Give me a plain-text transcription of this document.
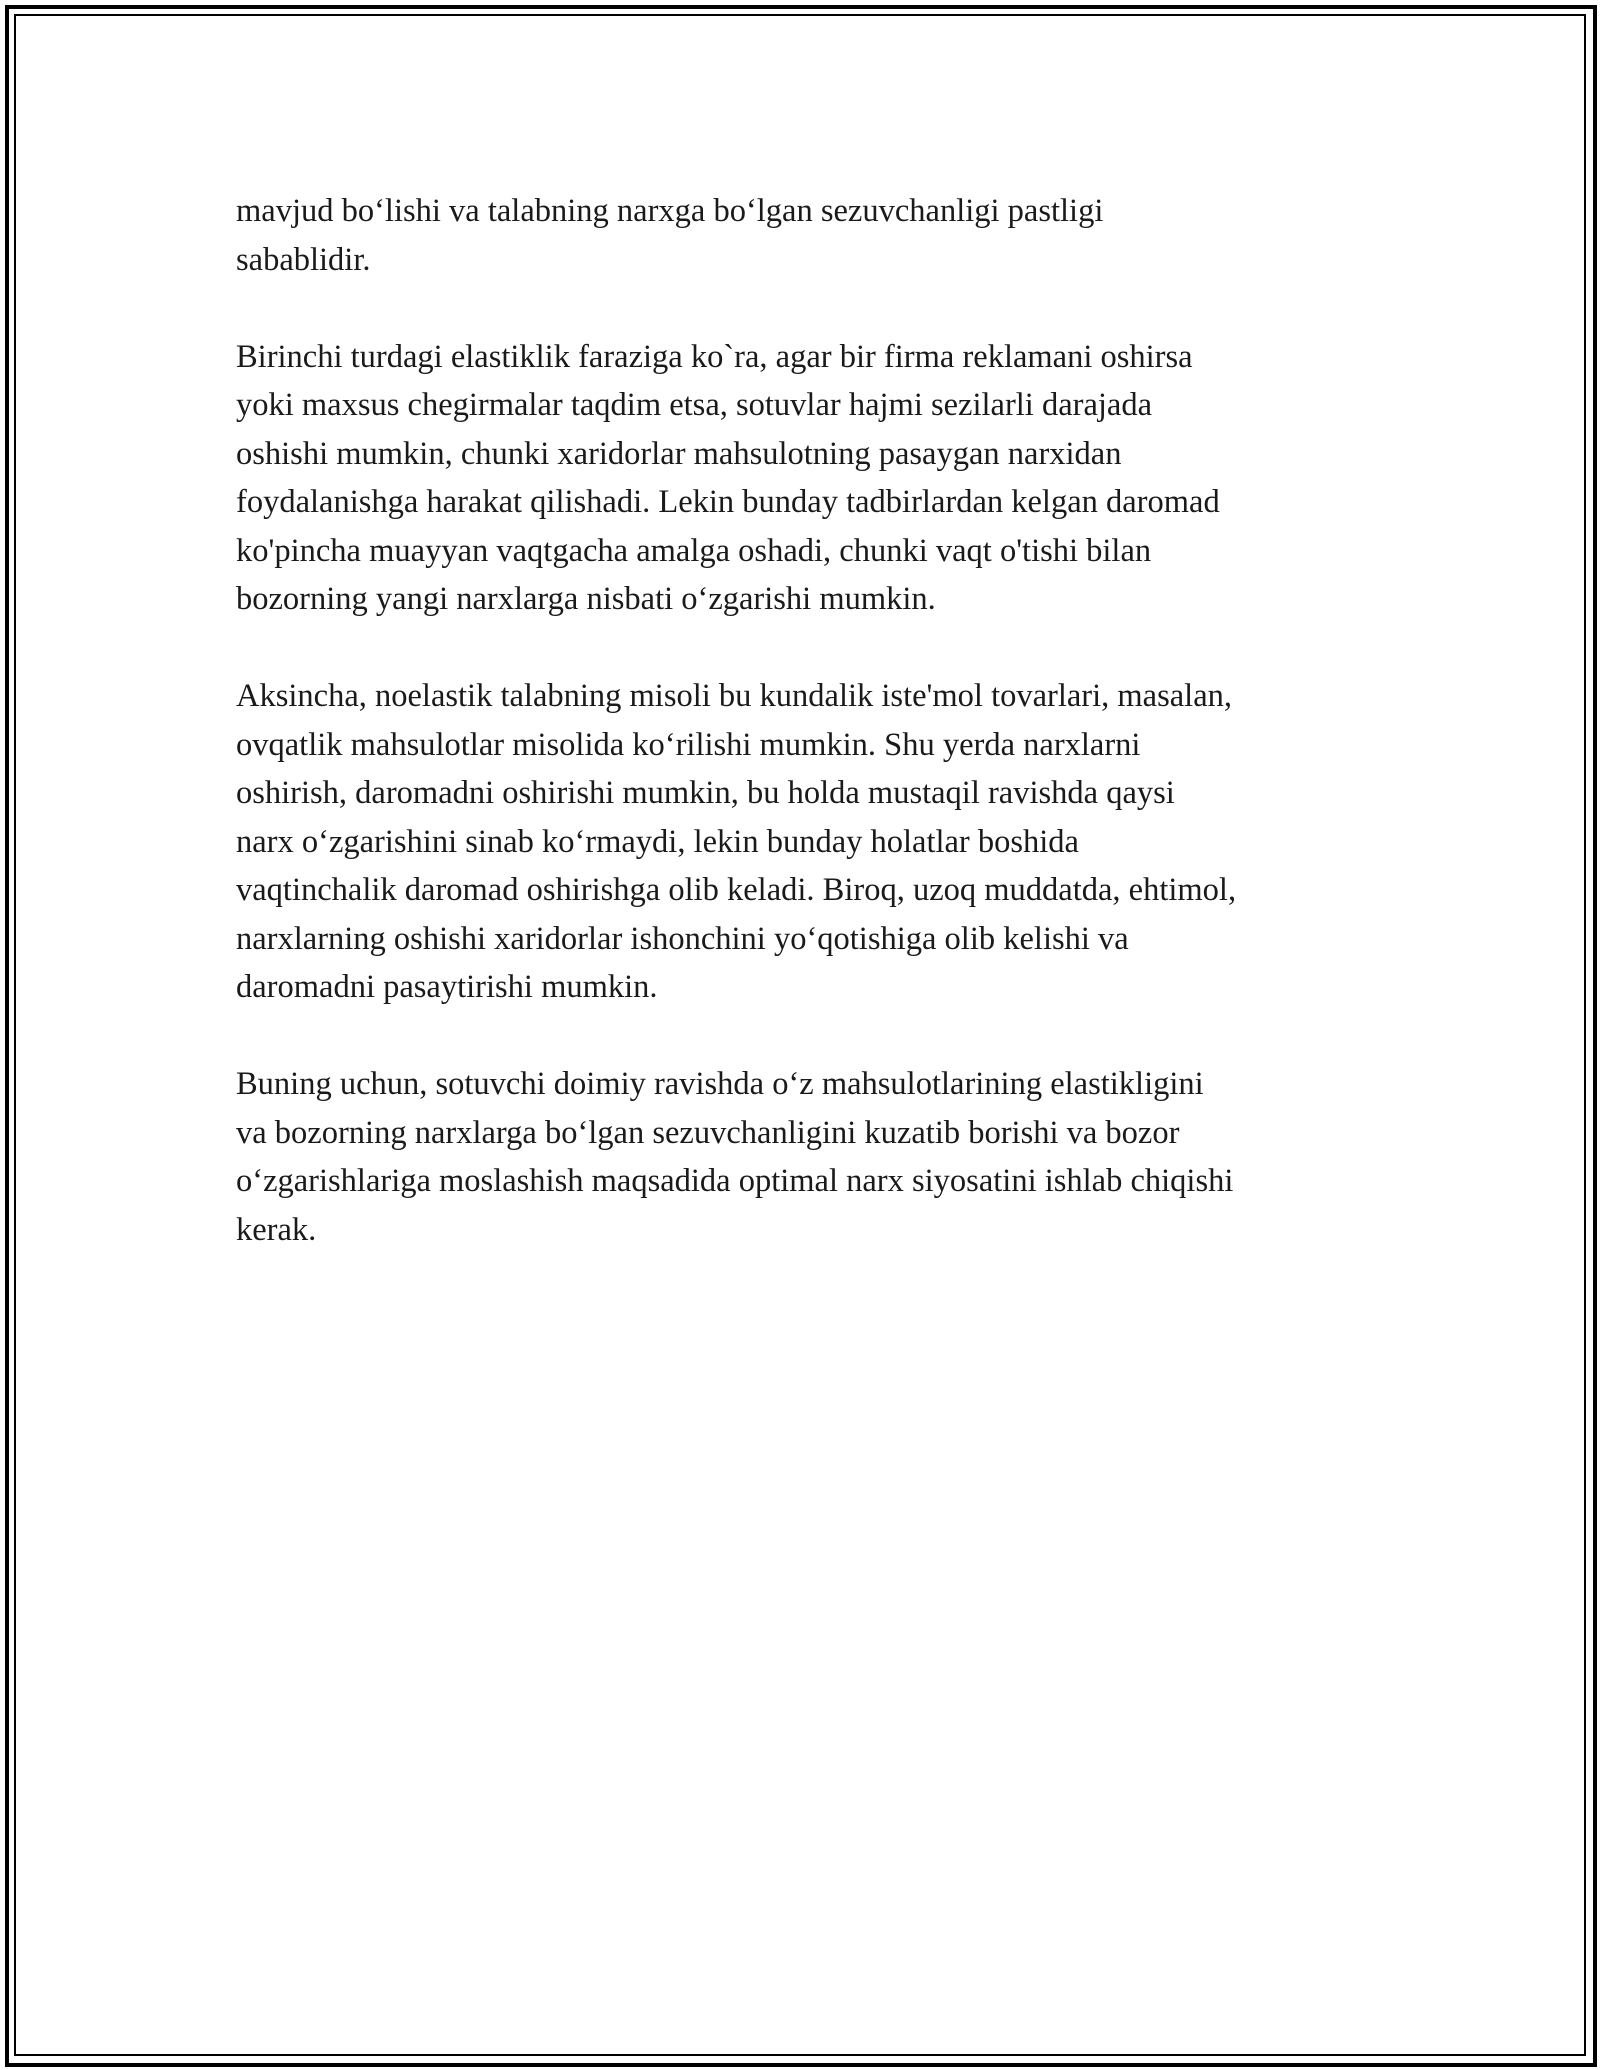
mavjud bo‘lishi va talabning narxga bo‘lgan sezuvchanligi pastligi
sabablidir.

Birinchi turdagi elastiklik faraziga ko`ra, agar bir firma reklamani oshirsa
yoki maxsus chegirmalar taqdim etsa, sotuvlar hajmi sezilarli darajada
oshishi mumkin, chunki xaridorlar mahsulotning pasaygan narxidan
foydalanishga harakat qilishadi. Lekin bunday tadbirlardan kelgan daromad
ko'pincha muayyan vaqtgacha amalga oshadi, chunki vaqt o'tishi bilan
bozorning yangi narxlarga nisbati o‘zgarishi mumkin.

Aksincha, noelastik talabning misoli bu kundalik iste'mol tovarlari, masalan,
ovqatlik mahsulotlar misolida ko‘rilishi mumkin. Shu yerda narxlarni
oshirish, daromadni oshirishi mumkin, bu holda mustaqil ravishda qaysi
narx o‘zgarishini sinab ko‘rmaydi, lekin bunday holatlar boshida
vaqtinchalik daromad oshirishga olib keladi. Biroq, uzoq muddatda, ehtimol,
narxlarning oshishi xaridorlar ishonchini yo‘qotishiga olib kelishi va
daromadni pasaytirishi mumkin.

Buning uchun, sotuvchi doimiy ravishda o‘z mahsulotlarining elastikligini
va bozorning narxlarga bo‘lgan sezuvchanligini kuzatib borishi va bozor
o‘zgarishlariga moslashish maqsadida optimal narx siyosatini ishlab chiqishi
kerak.
